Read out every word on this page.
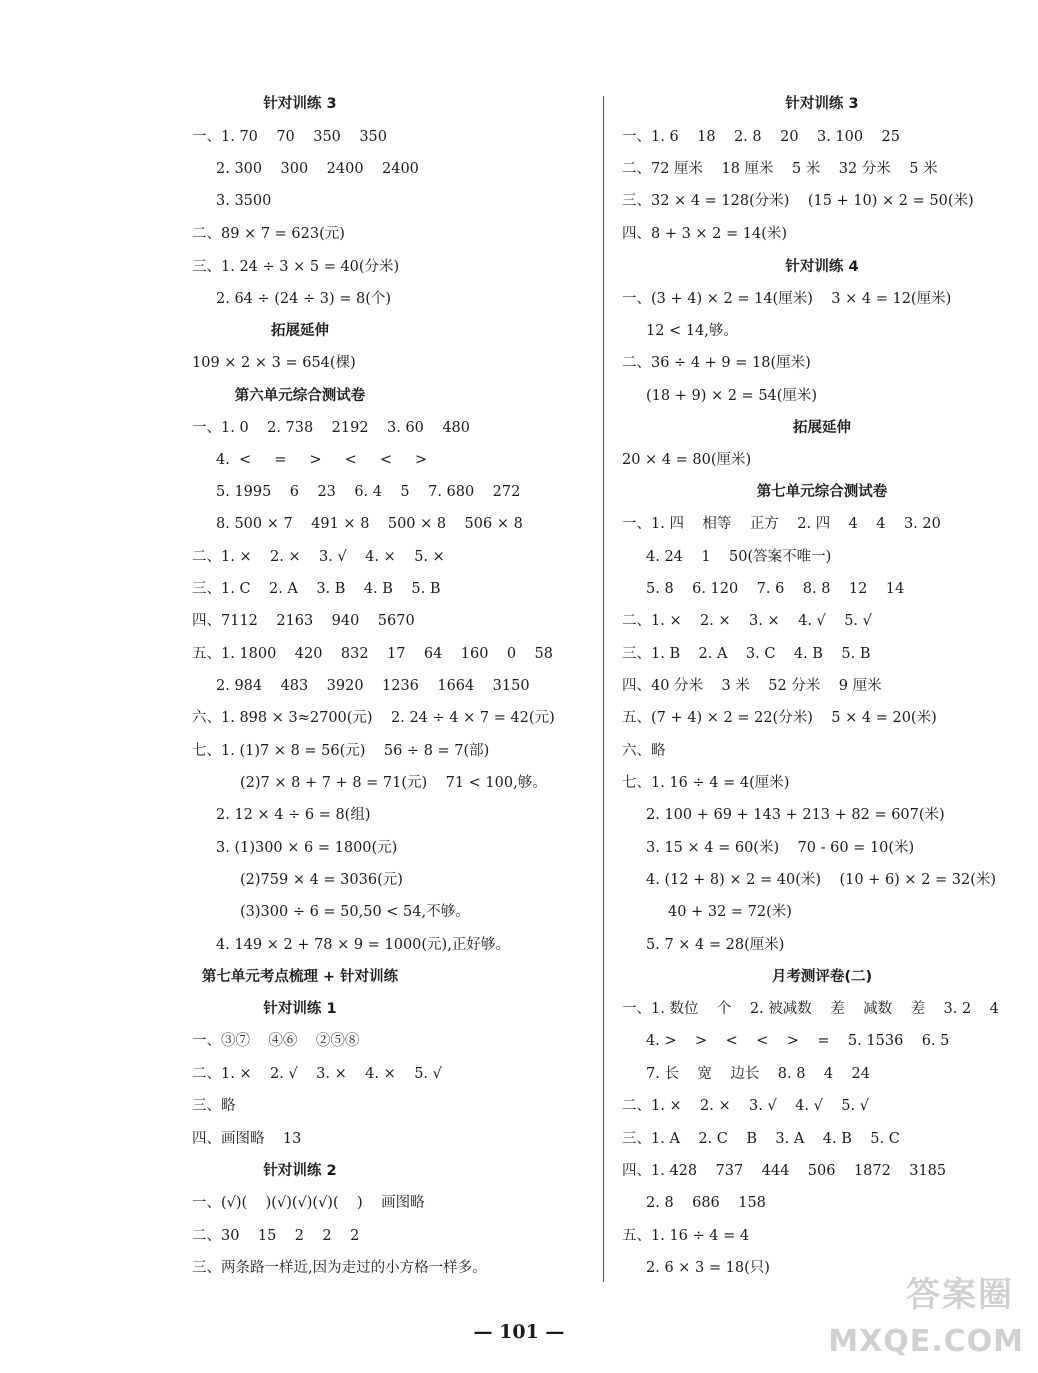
针对训练 3
一、1. 70    70    350    350
2. 300    300    2400    2400
3. 3500
二、89 × 7 = 623(元)
三、1. 24 ÷ 3 × 5 = 40(分米)
2. 64 ÷ (24 ÷ 3) = 8(个)
拓展延伸
109 × 2 × 3 = 654(棵)
第六单元综合测试卷
一、1. 0    2. 738    2192    3. 60    480
4.  <     =     >     <     <     >
5. 1995    6    23    6. 4    5    7. 680    272
8. 500 × 7    491 × 8    500 × 8    506 × 8
二、1. ×    2. ×    3. √    4. ×    5. ×
三、1. C    2. A    3. B    4. B    5. B
四、7112    2163    940    5670
五、1. 1800    420    832    17    64    160    0    58
2. 984    483    3920    1236    1664    3150
六、1. 898 × 3≈2700(元)    2. 24 ÷ 4 × 7 = 42(元)
七、1. (1)7 × 8 = 56(元)    56 ÷ 8 = 7(部)
(2)7 × 8 + 7 + 8 = 71(元)    71 < 100,够。
2. 12 × 4 ÷ 6 = 8(组)
3. (1)300 × 6 = 1800(元)
(2)759 × 4 = 3036(元)
(3)300 ÷ 6 = 50,50 < 54,不够。
4. 149 × 2 + 78 × 9 = 1000(元),正好够。
第七单元考点梳理 + 针对训练
针对训练 1
一、③⑦    ④⑥    ②⑤⑧
二、1. ×    2. √    3. ×    4. ×    5. √
三、略
四、画图略    13
针对训练 2
一、(√)(    )(√)(√)(√)(    )    画图略
二、30    15    2    2    2
三、两条路一样近,因为走过的小方格一样多。
针对训练 3
一、1. 6    18    2. 8    20    3. 100    25
二、72 厘米    18 厘米    5 米    32 分米    5 米
三、32 × 4 = 128(分米)    (15 + 10) × 2 = 50(米)
四、8 + 3 × 2 = 14(米)
针对训练 4
一、(3 + 4) × 2 = 14(厘米)    3 × 4 = 12(厘米)
12 < 14,够。
二、36 ÷ 4 + 9 = 18(厘米)
(18 + 9) × 2 = 54(厘米)
拓展延伸
20 × 4 = 80(厘米)
第七单元综合测试卷
一、1. 四    相等    正方    2. 四    4    4    3. 20
4. 24    1    50(答案不唯一)
5. 8    6. 120    7. 6    8. 8    12    14
二、1. ×    2. ×    3. ×    4. √    5. √
三、1. B    2. A    3. C    4. B    5. B
四、40 分米    3 米    52 分米    9 厘米
五、(7 + 4) × 2 = 22(分米)    5 × 4 = 20(米)
六、略
七、1. 16 ÷ 4 = 4(厘米)
2. 100 + 69 + 143 + 213 + 82 = 607(米)
3. 15 × 4 = 60(米)    70 - 60 = 10(米)
4. (12 + 8) × 2 = 40(米)    (10 + 6) × 2 = 32(米)
40 + 32 = 72(米)
5. 7 × 4 = 28(厘米)
月考测评卷(二)
一、1. 数位    个    2. 被减数    差    减数    差    3. 2    4
4. >    >    <    <    >    =    5. 1536    6. 5
7. 长    宽    边长    8. 8    4    24
二、1. ×    2. ×    3. √    4. √    5. √
三、1. A    2. C    B    3. A    4. B    5. C
四、1. 428    737    444    506    1872    3185
2. 8    686    158
五、1. 16 ÷ 4 = 4
2. 6 × 3 = 18(只)
— 101 —
答案圈
MXQE.COM
